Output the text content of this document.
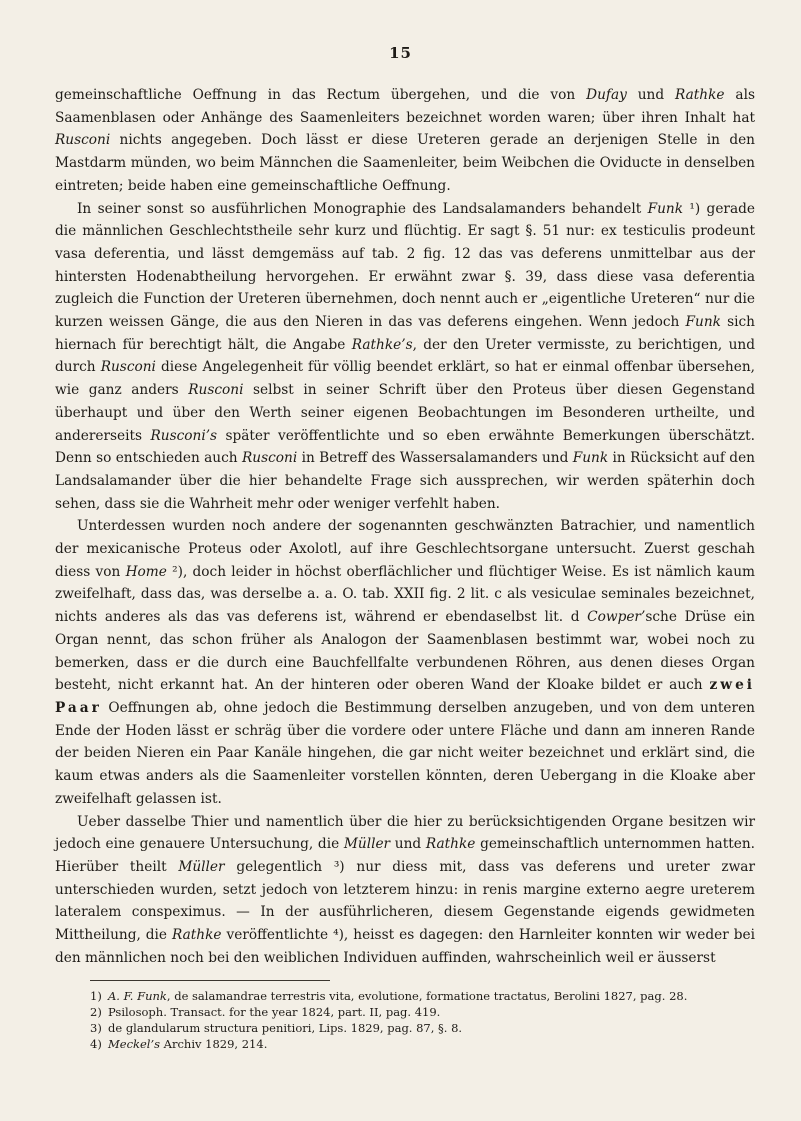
15

gemeinschaftliche Oeffnung in das Rectum übergehen, und die von Dufay und Rathke als Saamenblasen oder Anhänge des Saamenleiters bezeichnet worden waren; über ihren Inhalt hat Rusconi nichts angegeben. Doch lässt er diese Ureteren gerade an derjenigen Stelle in den Mastdarm münden, wo beim Männchen die Saamenleiter, beim Weibchen die Oviducte in denselben eintreten; beide haben eine gemeinschaftliche Oeffnung.

In seiner sonst so ausführlichen Monographie des Landsalamanders behandelt Funk ¹) gerade die männlichen Geschlechtstheile sehr kurz und flüchtig. Er sagt §. 51 nur: ex testiculis prodeunt vasa deferentia, und lässt demgemäss auf tab. 2 fig. 12 das vas deferens unmittelbar aus der hintersten Hodenabtheilung hervorgehen. Er erwähnt zwar §. 39, dass diese vasa deferentia zugleich die Function der Ureteren übernehmen, doch nennt auch er „eigentliche Ureteren“ nur die kurzen weissen Gänge, die aus den Nieren in das vas deferens eingehen. Wenn jedoch Funk sich hiernach für berechtigt hält, die Angabe Rathke’s, der den Ureter vermisste, zu berichtigen, und durch Rusconi diese Angelegenheit für völlig beendet erklärt, so hat er einmal offenbar übersehen, wie ganz anders Rusconi selbst in seiner Schrift über den Proteus über diesen Gegenstand überhaupt und über den Werth seiner eigenen Beobachtungen im Besonderen urtheilte, und andererseits Rusconi’s später veröffentlichte und so eben erwähnte Bemerkungen überschätzt. Denn so entschieden auch Rusconi in Betreff des Wassersalamanders und Funk in Rücksicht auf den Landsalamander über die hier behandelte Frage sich aussprechen, wir werden späterhin doch sehen, dass sie die Wahrheit mehr oder weniger verfehlt haben.

Unterdessen wurden noch andere der sogenannten geschwänzten Batrachier, und namentlich der mexicanische Proteus oder Axolotl, auf ihre Geschlechtsorgane untersucht. Zuerst geschah diess von Home ²), doch leider in höchst oberflächlicher und flüchtiger Weise. Es ist nämlich kaum zweifelhaft, dass das, was derselbe a. a. O. tab. XXII fig. 2 lit. c als vesiculae seminales bezeichnet, nichts anderes als das vas deferens ist, während er ebendaselbst lit. d Cowper’sche Drüse ein Organ nennt, das schon früher als Analogon der Saamenblasen bestimmt war, wobei noch zu bemerken, dass er die durch eine Bauchfellfalte verbundenen Röhren, aus denen dieses Organ besteht, nicht erkannt hat. An der hinteren oder oberen Wand der Kloake bildet er auch zwei Paar Oeffnungen ab, ohne jedoch die Bestimmung derselben anzugeben, und von dem unteren Ende der Hoden lässt er schräg über die vordere oder untere Fläche und dann am inneren Rande der beiden Nieren ein Paar Kanäle hingehen, die gar nicht weiter bezeichnet und erklärt sind, die kaum etwas anders als die Saamenleiter vorstellen könnten, deren Uebergang in die Kloake aber zweifelhaft gelassen ist.

Ueber dasselbe Thier und namentlich über die hier zu berücksichtigenden Organe besitzen wir jedoch eine genauere Untersuchung, die Müller und Rathke gemeinschaftlich unternommen hatten. Hierüber theilt Müller gelegentlich ³) nur diess mit, dass vas deferens und ureter zwar unterschieden wurden, setzt jedoch von letzterem hinzu: in renis margine externo aegre ureterem lateralem conspeximus. — In der ausführlicheren, diesem Gegenstande eigends gewidmeten Mittheilung, die Rathke veröffentlichte ⁴), heisst es dagegen: den Harnleiter konnten wir weder bei den männlichen noch bei den weiblichen Individuen auffinden, wahrscheinlich weil er äusserst

1) A. F. Funk, de salamandrae terrestris vita, evolutione, formatione tractatus, Berolini 1827, pag. 28.

2) Psilosoph. Transact. for the year 1824, part. II, pag. 419.

3) de glandularum structura penitiori, Lips. 1829, pag. 87, §. 8.

4) Meckel’s Archiv 1829, 214.
